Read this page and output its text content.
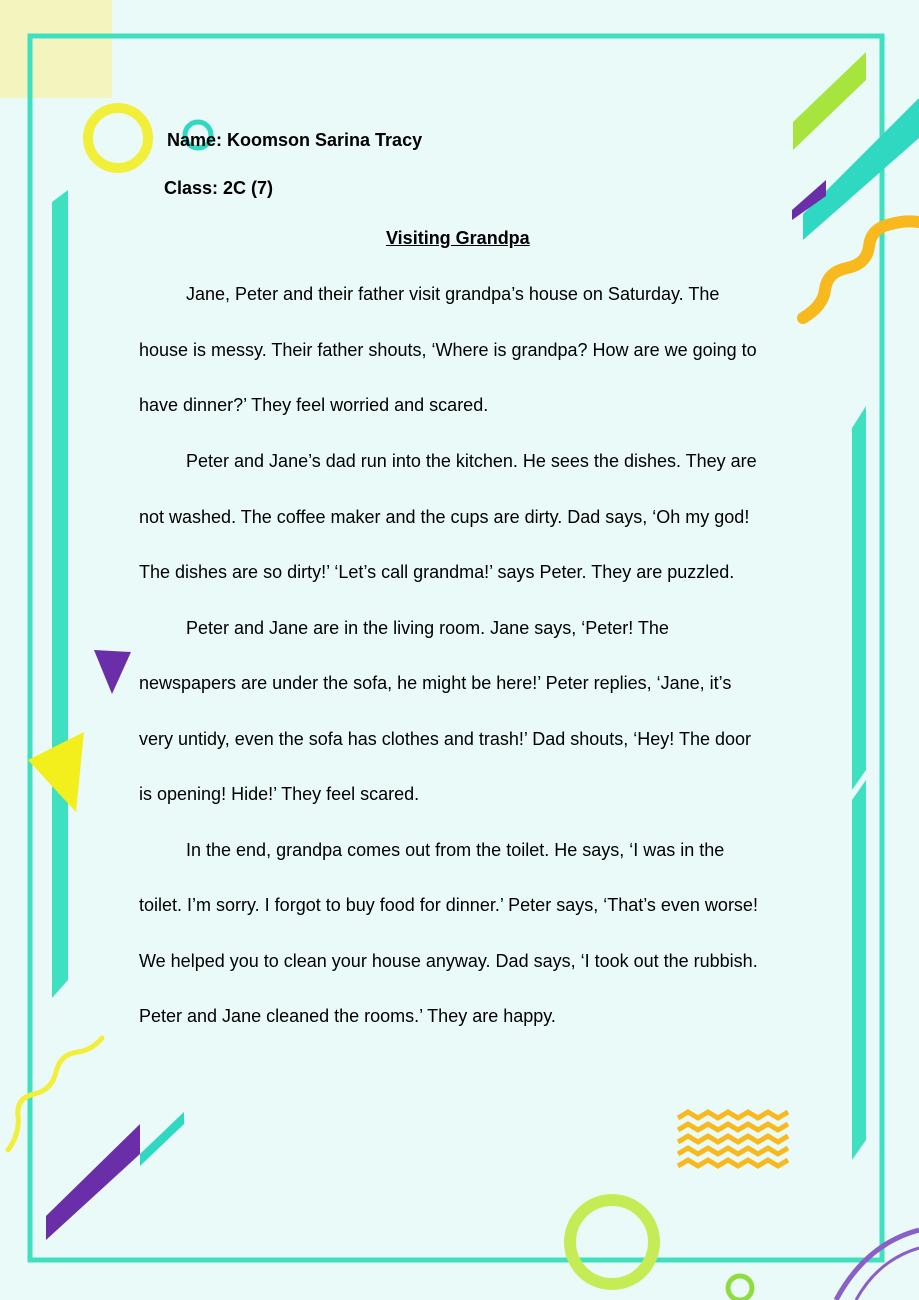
Name: Koomson Sarina Tracy
Class: 2C (7)
Visiting Grandpa
Jane, Peter and their father visit grandpa’s house on Saturday. The
house is messy. Their father shouts, ‘Where is grandpa? How are we going to
have dinner?’ They feel worried and scared.
Peter and Jane’s dad run into the kitchen. He sees the dishes. They are
not washed. The coffee maker and the cups are dirty. Dad says, ‘Oh my god!
The dishes are so dirty!’ ‘Let’s call grandma!’ says Peter. They are puzzled.
Peter and Jane are in the living room. Jane says, ‘Peter! The
newspapers are under the sofa, he might be here!’ Peter replies, ‘Jane, it’s
very untidy, even the sofa has clothes and trash!’ Dad shouts, ‘Hey! The door
is opening! Hide!’ They feel scared.
In the end, grandpa comes out from the toilet. He says, ‘I was in the
toilet. I’m sorry. I forgot to buy food for dinner.’ Peter says, ‘That’s even worse!
We helped you to clean your house anyway. Dad says, ‘I took out the rubbish.
Peter and Jane cleaned the rooms.’ They are happy.
